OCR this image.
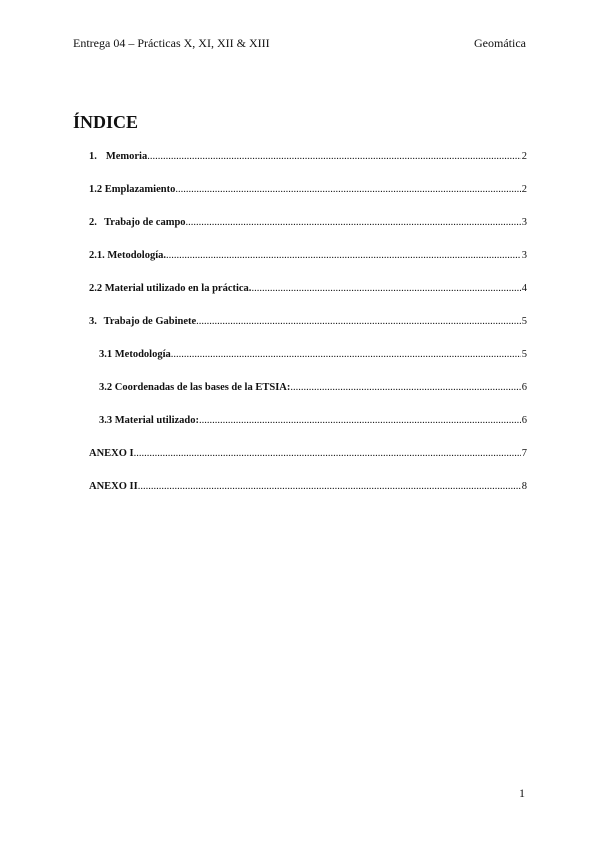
Entrega 04 – Prácticas X, XI, XII & XIII	Geomática
ÍNDICE
1. Memoria .....	2
1.2 Emplazamiento .....	2
2. Trabajo de campo .....	3
2.1. Metodología. .....	3
2.2 Material utilizado en la práctica. .....	4
3. Trabajo de Gabinete .....	5
3.1 Metodología .....	5
3.2 Coordenadas de las bases de la ETSIA: .....	6
3.3 Material utilizado: .....	6
ANEXO I .....	7
ANEXO II .....	8
1
